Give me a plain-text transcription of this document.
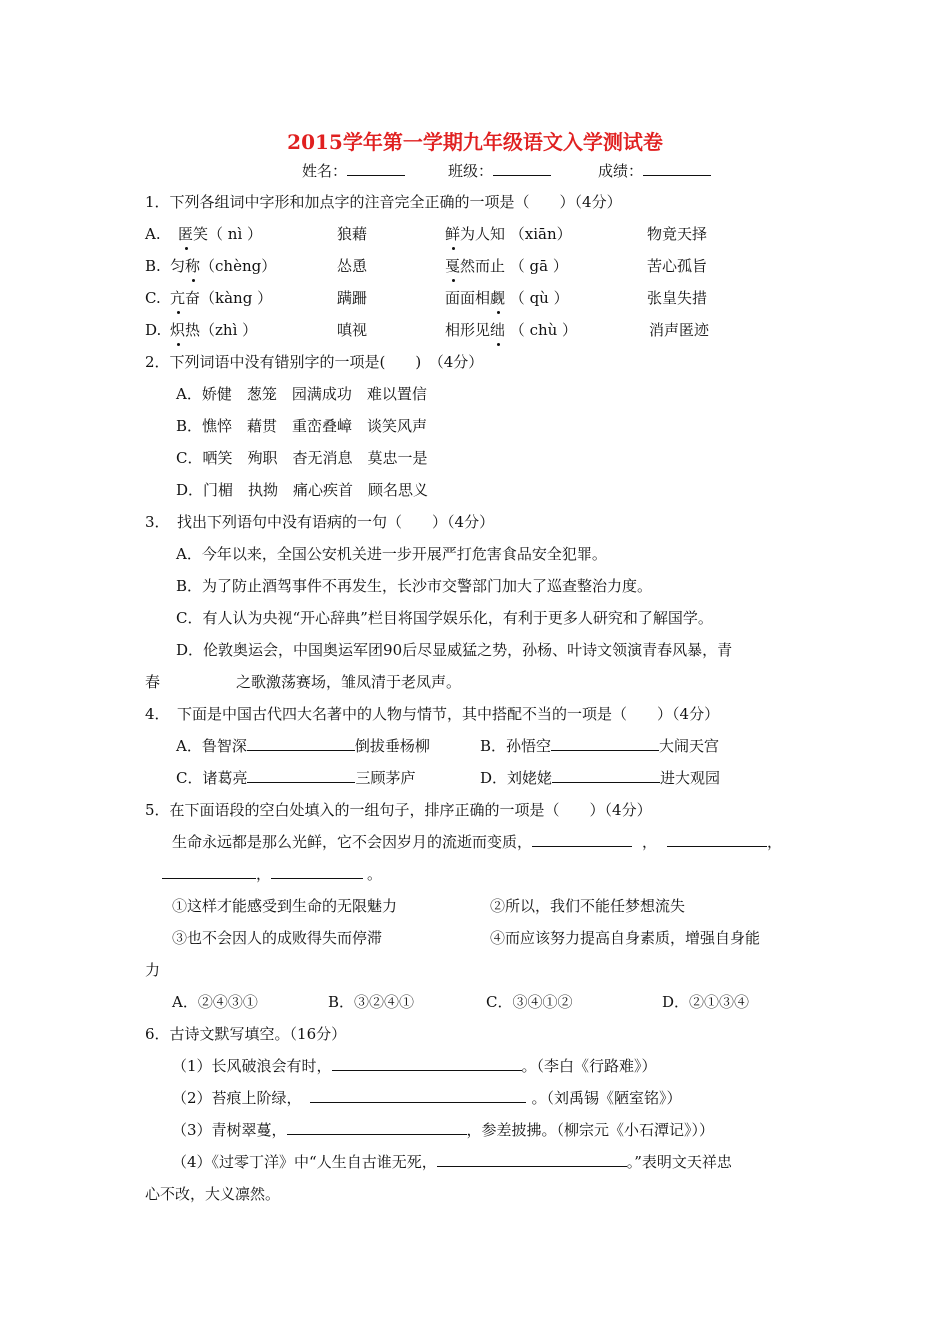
2015学年第一学期九年级语文入学测试卷
姓名：	班级：	成绩：
1．下列各组词中字形和加点字的注音完全正确的一项是（　　）（4分）
A. 匿笑（ nì ）	狼藉	鲜为人知 （xiān）	物竟天择
B. 匀称（chèng）	怂恿	戛然而止 （ gā ）	苦心孤旨
C. 亢奋（kàng ）	蹒跚	面面相觑 （ qù ）	张皇失措
D. 炽热（zhì ）	嗔视	相形见绌 （ chù ）	消声匿迹
2．下列词语中没有错别字的一项是(　　)　（4分）
A．娇健　葱笼　园满成功　难以置信
B．憔悴　藉贯　重峦叠嶂　谈笑风声
C．哂笑　殉职　杳无消息　莫忠一是
D．门楣　执拗　痛心疾首　顾名思义
3．　找出下列语句中没有语病的一句（　　）（4分）
A．今年以来，全国公安机关进一步开展严打危害食品安全犯罪。
B．为了防止酒驾事件不再发生，长沙市交警部门加大了巡查整治力度。
C．有人认为央视“开心辞典”栏目将国学娱乐化，有利于更多人研究和了解国学。
D．伦敦奥运会，中国奥运军团90后尽显威猛之势，孙杨、叶诗文领演青春风暴，青
春	之歌激荡赛场，雏凤清于老凤声。
4．　下面是中国古代四大名著中的人物与情节，其中搭配不当的一项是（　　）（4分）
A．鲁智深	倒拔垂杨柳	B．孙悟空	大闹天宫
C．诸葛亮	三顾茅庐	D．刘姥姥	进大观园
5．在下面语段的空白处填入的一组句子，排序正确的一项是（　　）（4分）
生命永远都是那么光鲜，它不会因岁月的流逝而变质，	，	，
，	。
①这样才能感受到生命的无限魅力	②所以，我们不能任梦想流失
③也不会因人的成败得失而停滞	④而应该努力提高自身素质，增强自身能
力
A．②④③①	B．③②④①	C．③④①②	D．②①③④
6．古诗文默写填空。（16分）
（1）长风破浪会有时，	。（李白《行路难》）
（2）苔痕上阶绿，	。（刘禹锡《陋室铭》）
（3）青树翠蔓，	，参差披拂。（柳宗元《小石潭记》））
（4）《过零丁洋》中“人生自古谁无死，	。”表明文天祥忠
心不改，大义凛然。
